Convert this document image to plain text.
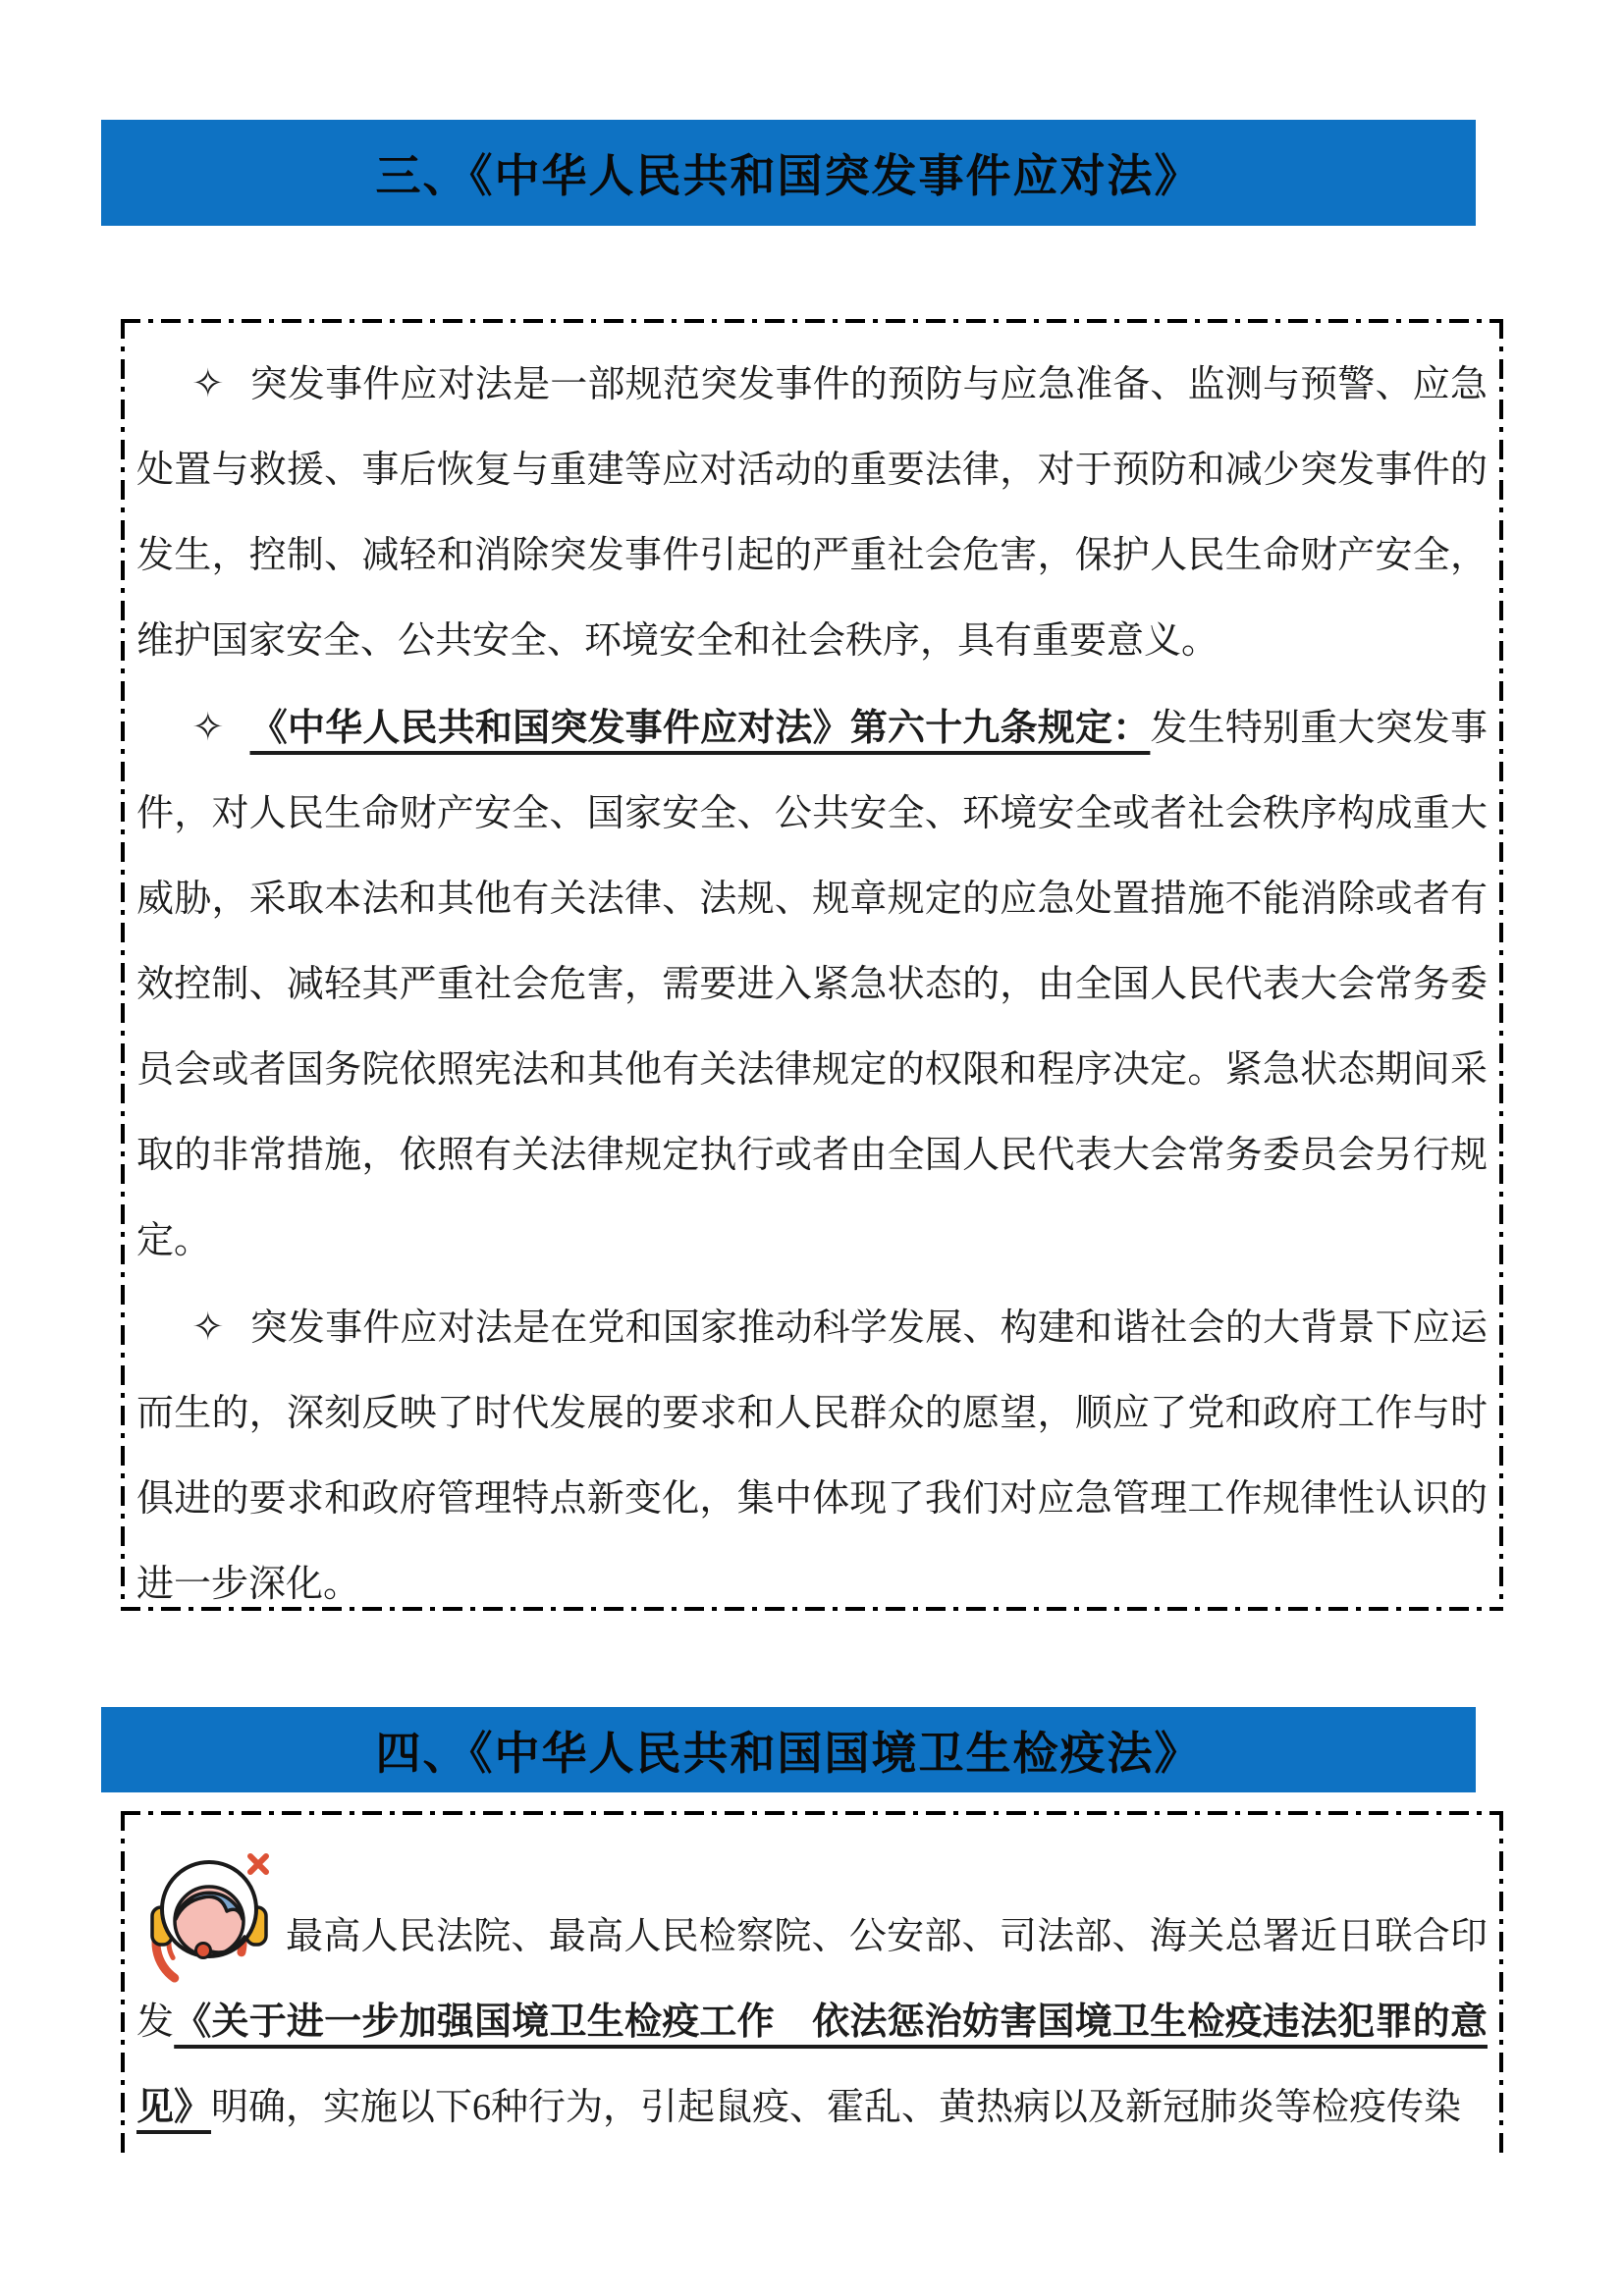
三、《中华人民共和国突发事件应对法》

✧ 突发事件应对法是一部规范突发事件的预防与应急准备、监测与预警、应急处置与救援、事后恢复与重建等应对活动的重要法律，对于预防和减少突发事件的发生，控制、减轻和消除突发事件引起的严重社会危害，保护人民生命财产安全，维护国家安全、公共安全、环境安全和社会秩序，具有重要意义。

✧ 《中华人民共和国突发事件应对法》第六十九条规定：发生特别重大突发事件，对人民生命财产安全、国家安全、公共安全、环境安全或者社会秩序构成重大威胁，采取本法和其他有关法律、法规、规章规定的应急处置措施不能消除或者有效控制、减轻其严重社会危害，需要进入紧急状态的，由全国人民代表大会常务委员会或者国务院依照宪法和其他有关法律规定的权限和程序决定。紧急状态期间采取的非常措施，依照有关法律规定执行或者由全国人民代表大会常务委员会另行规定。

✧ 突发事件应对法是在党和国家推动科学发展、构建和谐社会的大背景下应运而生的，深刻反映了时代发展的要求和人民群众的愿望，顺应了党和政府工作与时俱进的要求和政府管理特点新变化，集中体现了我们对应急管理工作规律性认识的进一步深化。

四、《中华人民共和国国境卫生检疫法》

最高人民法院、最高人民检察院、公安部、司法部、海关总署近日联合印发《关于进一步加强国境卫生检疫工作　依法惩治妨害国境卫生检疫违法犯罪的意见》明确，实施以下6种行为，引起鼠疫、霍乱、黄热病以及新冠肺炎等检疫传染
